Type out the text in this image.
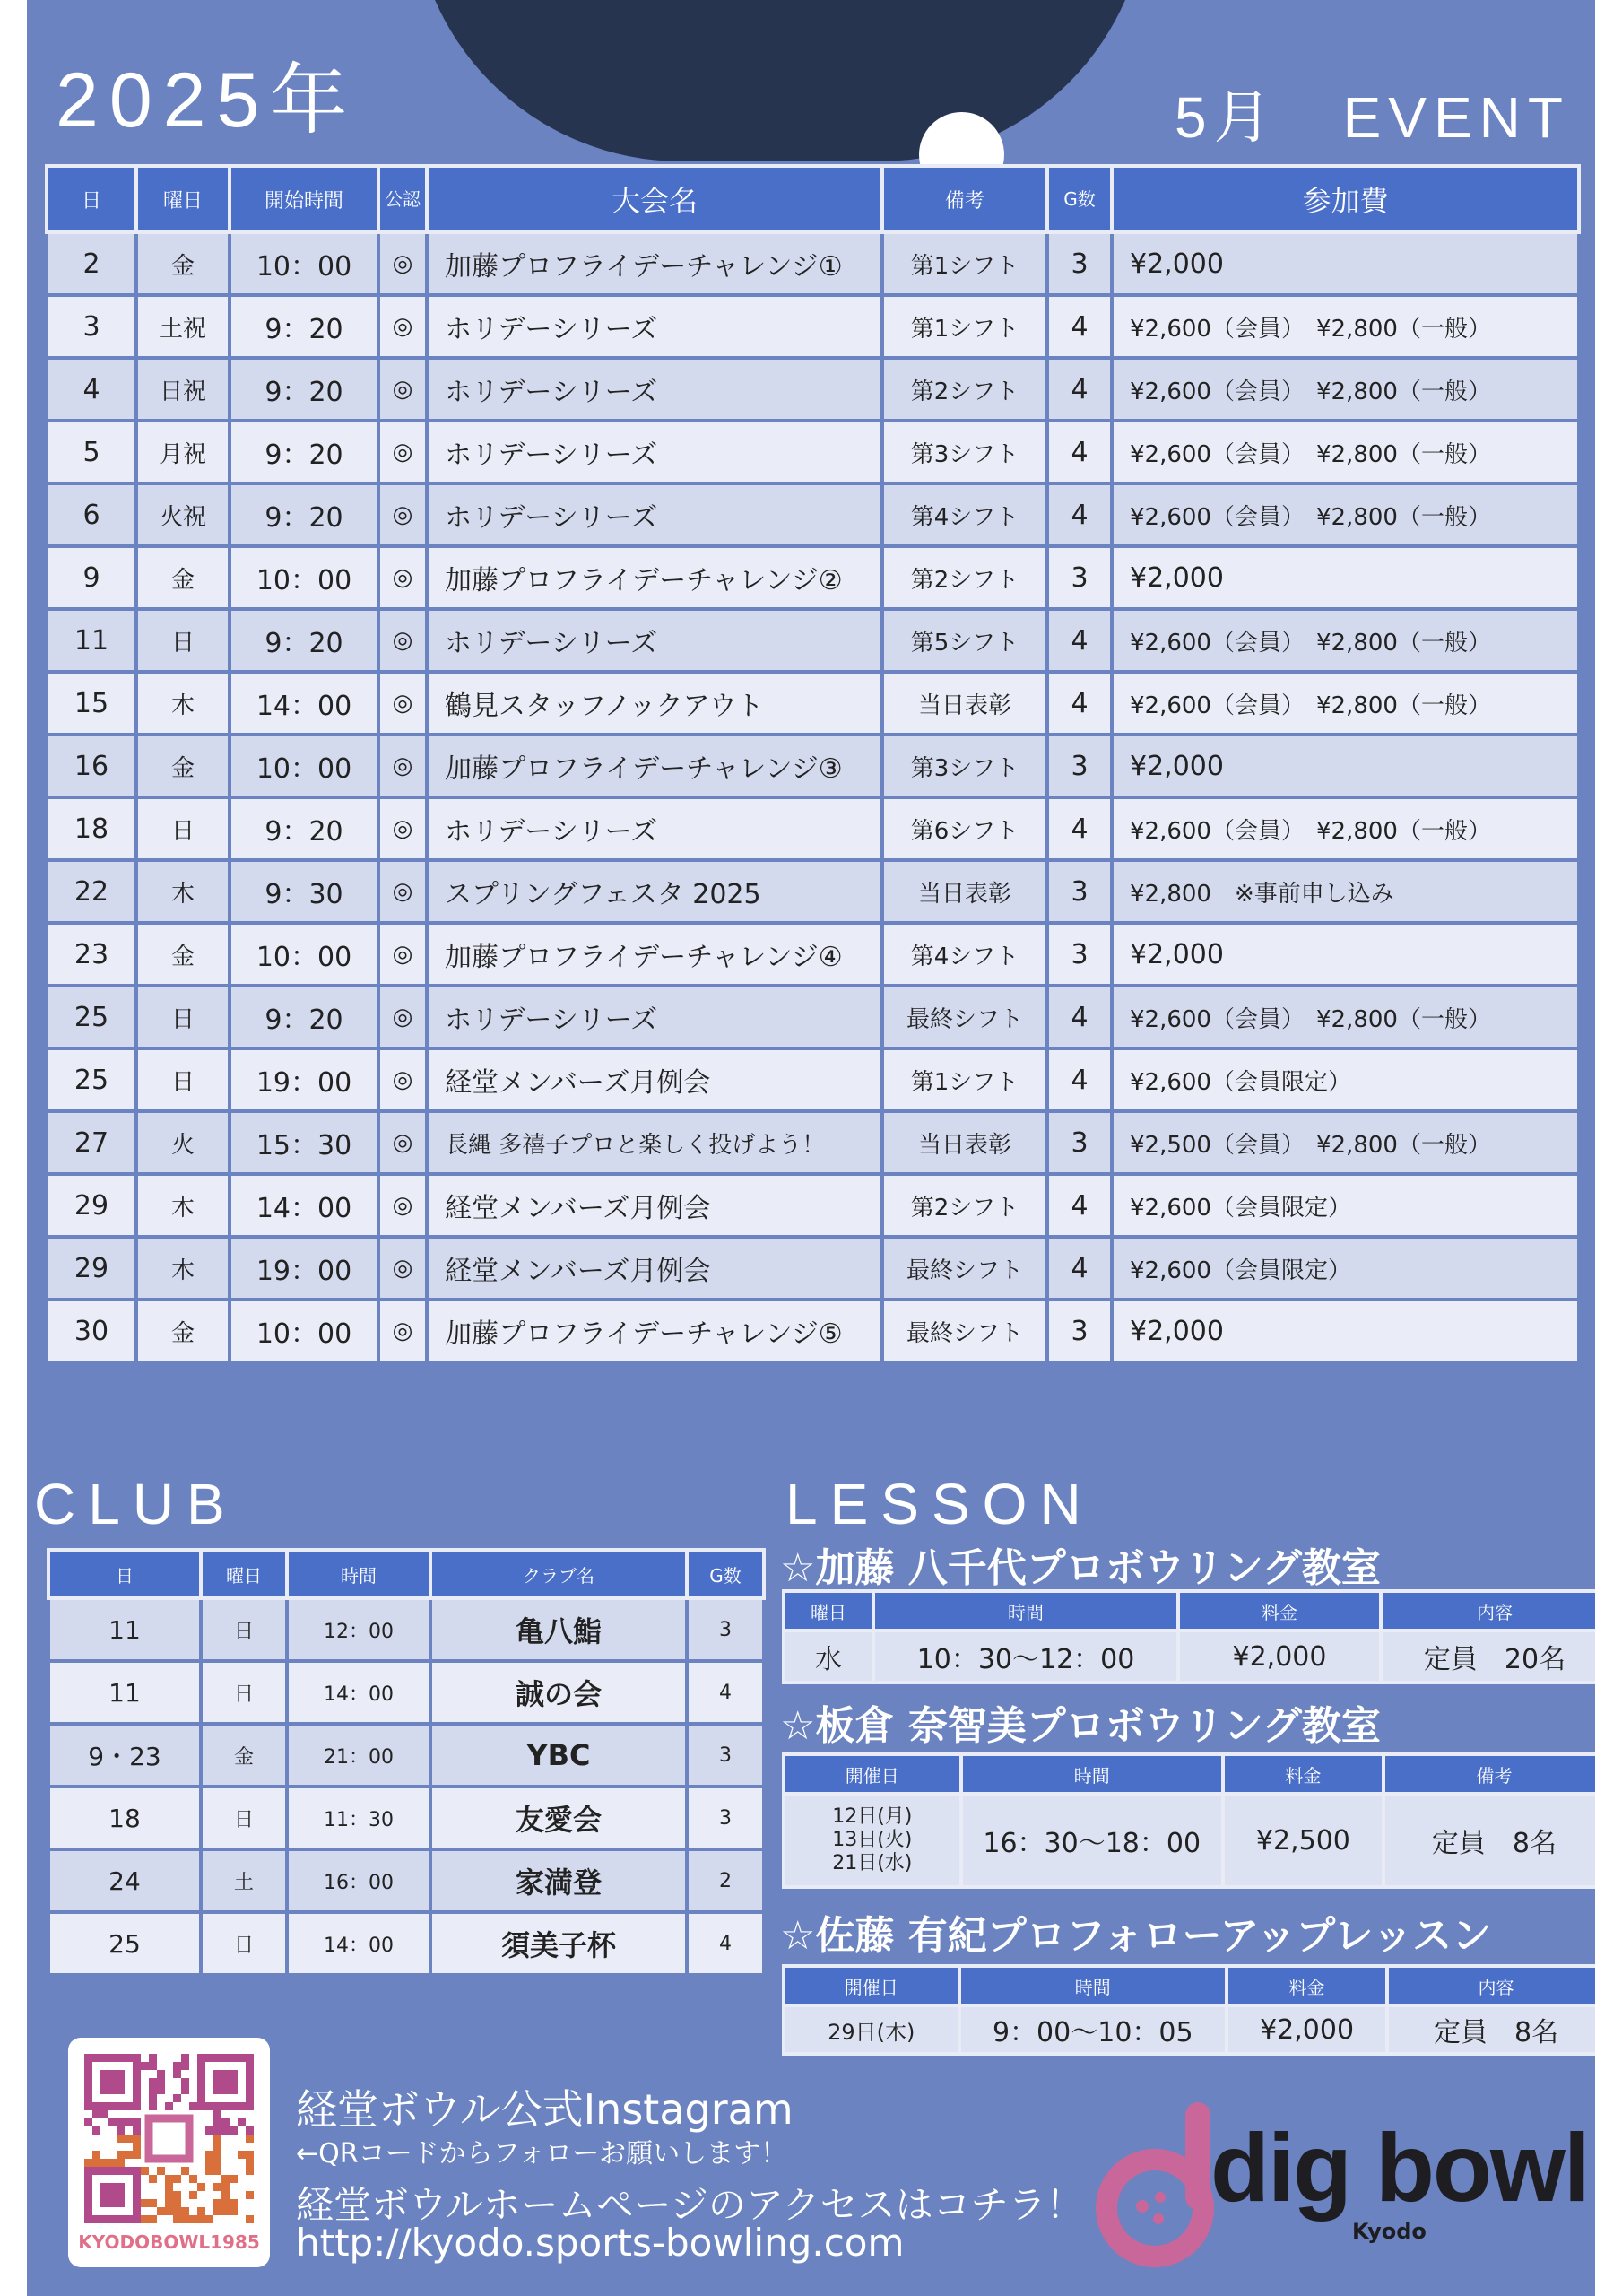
2025年	5月　EVENT
日	曜日	開始時間	公認	大会名	備考	G数	参加費
2	金	10：00	◎	加藤プロフライデーチャレンジ①	第1シフト	3	¥2,000
3	土祝	9：20	◎	ホリデーシリーズ	第1シフト	4	¥2,600（会員）　¥2,800（一般）
4	日祝	9：20	◎	ホリデーシリーズ	第2シフト	4	¥2,600（会員）　¥2,800（一般）
5	月祝	9：20	◎	ホリデーシリーズ	第3シフト	4	¥2,600（会員）　¥2,800（一般）
6	火祝	9：20	◎	ホリデーシリーズ	第4シフト	4	¥2,600（会員）　¥2,800（一般）
9	金	10：00	◎	加藤プロフライデーチャレンジ②	第2シフト	3	¥2,000
11	日	9：20	◎	ホリデーシリーズ	第5シフト	4	¥2,600（会員）　¥2,800（一般）
15	木	14：00	◎	鶴見スタッフノックアウト	当日表彰	4	¥2,600（会員）　¥2,800（一般）
16	金	10：00	◎	加藤プロフライデーチャレンジ③	第3シフト	3	¥2,000
18	日	9：20	◎	ホリデーシリーズ	第6シフト	4	¥2,600（会員）　¥2,800（一般）
22	木	9：30	◎	スプリングフェスタ 2025	当日表彰	3	¥2,800　※事前申し込み
23	金	10：00	◎	加藤プロフライデーチャレンジ④	第4シフト	3	¥2,000
25	日	9：20	◎	ホリデーシリーズ	最終シフト	4	¥2,600（会員）　¥2,800（一般）
25	日	19：00	◎	経堂メンバーズ月例会	第1シフト	4	¥2,600（会員限定）
27	火	15：30	◎	長縄 多禧子プロと楽しく投げよう！	当日表彰	3	¥2,500（会員）　¥2,800（一般）
29	木	14：00	◎	経堂メンバーズ月例会	第2シフト	4	¥2,600（会員限定）
29	木	19：00	◎	経堂メンバーズ月例会	最終シフト	4	¥2,600（会員限定）
30	金	10：00	◎	加藤プロフライデーチャレンジ⑤	最終シフト	3	¥2,000
CLUB
日	曜日	時間	クラブ名	G数
11	日	12：00	亀八鮨	3
11	日	14：00	誠の会	4
9・23	金	21：00	YBC	3
18	日	11：30	友愛会	3
24	土	16：00	家満登	2
25	日	14：00	須美子杯	4
LESSON
☆加藤 八千代プロボウリング教室
曜日	時間	料金	内容
水	10：30〜12：00	¥2,000	定員　20名
☆板倉 奈智美プロボウリング教室
開催日	時間	料金	備考

12日(月)
13日(火)
21日(水)	16：30〜18：00	¥2,500	定員　8名
☆佐藤 有紀プロフォローアップレッスン
開催日	時間	料金	内容
29日(木)	9：00〜10：05	¥2,000	定員　8名
KYODOBOWL1985
経堂ボウル公式Instagram
←QRコードからフォローお願いします！
経堂ボウルホームページのアクセスはコチラ！
http://kyodo.sports-bowling.com
dig bowl
Kyodo
